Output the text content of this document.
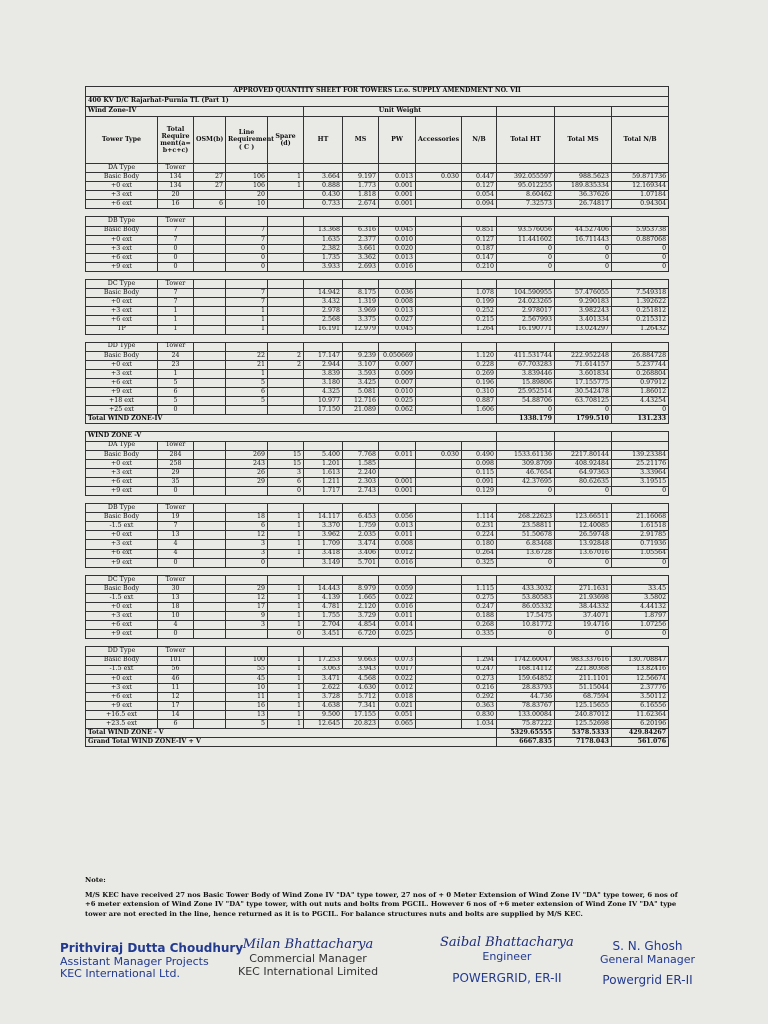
APPROVED QUANTITY SHEET FOR TOWERS i.r.o. SUPPLY AMENDMENT NO. VII												
400 KV D/C Rajarhat-Purnia TL (Part 1)												
Wind Zone-IV					Unit Weight							
Tower Type	Total Require ment(a= b+c+c)	OSM(b)	Line Requirement ( C )	Spare (d)	HT	MS	PW	Accessories	N/B	Total HT	Total MS	Total N/B
DA Type	Tower											
Basic Body	134	27	106	1	3.664	9.197	0.013	0.030	0.447	392.055597	988.5623	59.871736
+0 ext	134	27	106	1	0.888	1.773	0.001		0.127	95.012255	189.835334	12.169344
+3 ext	20		20		0.430	1.818	0.001		0.054	8.60462	36.37626	1.07184
+6 ext	16	6	10		0.733	2.674	0.001		0.094	7.32573	26.74817	0.94304

DB Type	Tower											
Basic Body	7		7		13.368	6.316	0.045		0.851	93.576056	44.527406	5.953738
+0 ext	7		7		1.635	2.377	0.010		0.127	11.441602	16.711443	0.887068
+3 ext	0		0		2.382	3.661	0.020		0.187	0	0	0
+6 ext	0		0		1.735	3.362	0.013		0.147	0	0	0
+9 ext	0		0		3.933	2.693	0.016		0.210	0	0	0

DC Type	Tower											
Basic Body	7		7		14.942	8.175	0.036		1.078	104.590955	57.476055	7.549318
+0 ext	7		7		3.432	1.319	0.008		0.199	24.023265	9.290183	1.392622
+3 ext	1		1		2.978	3.969	0.013		0.252	2.978017	3.982243	0.251812
+6 ext	1		1		2.568	3.375	0.027		0.215	2.567993	3.401334	0.215312
TP	1		1		16.191	12.979	0.045		1.264	16.190771	13.024297	1.26432

DD Type	Tower											
Basic Body	24		22	2	17.147	9.239	0.050669		1.120	411.531744	222.952248	26.884728
+0 ext	23		21	2	2.944	3.107	0.007		0.228	67.703283	71.614157	5.237744
+3 ext	1		1		3.839	3.593	0.009		0.269	3.839446	3.601834	0.268804
+6 ext	5		5		3.180	3.425	0.007		0.196	15.89806	17.155775	0.97912
+9 ext	6		6		4.325	5.081	0.010		0.310	25.952514	30.542478	1.86012
+18 ext	5		5		10.977	12.716	0.025		0.887	54.88706	63.708125	4.43254
+25 ext	0				17.150	21.089	0.062		1.606	0	0	0
Total WIND ZONE-IV										1338.179	1799.510	131.233

WIND ZONE -V												
DA Type	Tower											
Basic Body	284		269	15	5.400	7.768	0.011	0.030	0.490	1533.61136	2217.80144	139.23384
+0 ext	258		243	15	1.201	1.585			0.098	309.8709	408.92484	25.21176
+3 ext	29		26	3	1.613	2.240			0.115	46.7654	64.97363	3.33964
+6 ext	35		29	6	1.211	2.303	0.001		0.091	42.37695	80.62635	3.19515
+9 ext	0			0	1.717	2.743	0.001		0.129	0	0	0

DB Type	Tower											
Basic Body	19		18	1	14.117	6.453	0.056		1.114	268.22623	123.66511	21.16068
-1.5 ext	7		6	1	3.370	1.759	0.013		0.231	23.58811	12.40085	1.61518
+0 ext	13		12	1	3.962	2.035	0.011		0.224	51.50678	26.59748	2.91785
+3 ext	4		3	1	1.709	3.474	0.008		0.180	6.83468	13.92848	0.71936
+6 ext	4		3	1	3.418	3.406	0.012		0.264	13.6728	13.67016	1.05564
+9 ext	0		0		3.149	5.701	0.016		0.325	0	0	0

DC Type	Tower											
Basic Body	30		29	1	14.443	8.979	0.059		1.115	433.3032	271.1631	33.45
-1.5 ext	13		12	1	4.139	1.665	0.022		0.275	53.80583	21.93698	3.5802
+0 ext	18		17	1	4.781	2.120	0.016		0.247	86.05332	38.44332	4.44132
+3 ext	10		9	1	1.755	3.729	0.011		0.188	17.5475	37.4071	1.8797
+6 ext	4		3	1	2.704	4.854	0.014		0.268	10.81772	19.4716	1.07256
+9 ext	0			0	3.451	6.720	0.025		0.335	0	0	0

DD Type	Tower											
Basic Body	101		100	1	17.253	9.663	0.073		1.294	1742.60047	983.337616	130.708847
-1.5 ext	56		55	1	3.063	3.943	0.017		0.247	168.14112	221.80368	13.82416
+0 ext	46		45	1	3.471	4.568	0.022		0.273	159.64852	211.1101	12.56674
+3 ext	11		10	1	2.622	4.630	0.012		0.216	28.83793	51.15044	2.37776
+6 ext	12		11	1	3.728	5.712	0.018		0.292	44.736	68.7594	3.50112
+9 ext	17		16	1	4.638	7.341	0.021		0.363	78.83767	125.15655	6.16556
+16.5 ext	14		13	1	9.500	17.155	0.051		0.830	133.00084	240.87012	11.62364
+23.5 ext	6		5	1	12.645	20.823	0.065		1.034	75.87222	125.52698	6.20196
Total WIND ZONE - V										5329.65555	5378.5333	429.84267
Grand Total WIND ZONE-IV + V										6667.835	7178.043	561.076
Note:
M/S KEC have received 27 nos Basic Tower Body of Wind Zone IV "DA" type tower, 27 nos of + 0 Meter Extension of Wind Zone IV "DA" type tower, 6 nos of +6 meter extension of Wind Zone IV "DA" type tower, with out nuts and bolts from PGCIL. However 6 nos of +6 meter extension of Wind Zone IV "DA" type tower are not erected in the line, hence returned as it is to PGCIL. For balance structures nuts and bolts are supplied by M/S KEC.
Prithviraj Dutta Choudhury
Assistant Manager Projects
KEC International Ltd.
Milan Bhattacharya
Commercial Manager
KEC International Limited
Saibal Bhattacharya
Engineer
POWERGRID, ER-II
S. N. Ghosh
General Manager
Powergrid ER-II
